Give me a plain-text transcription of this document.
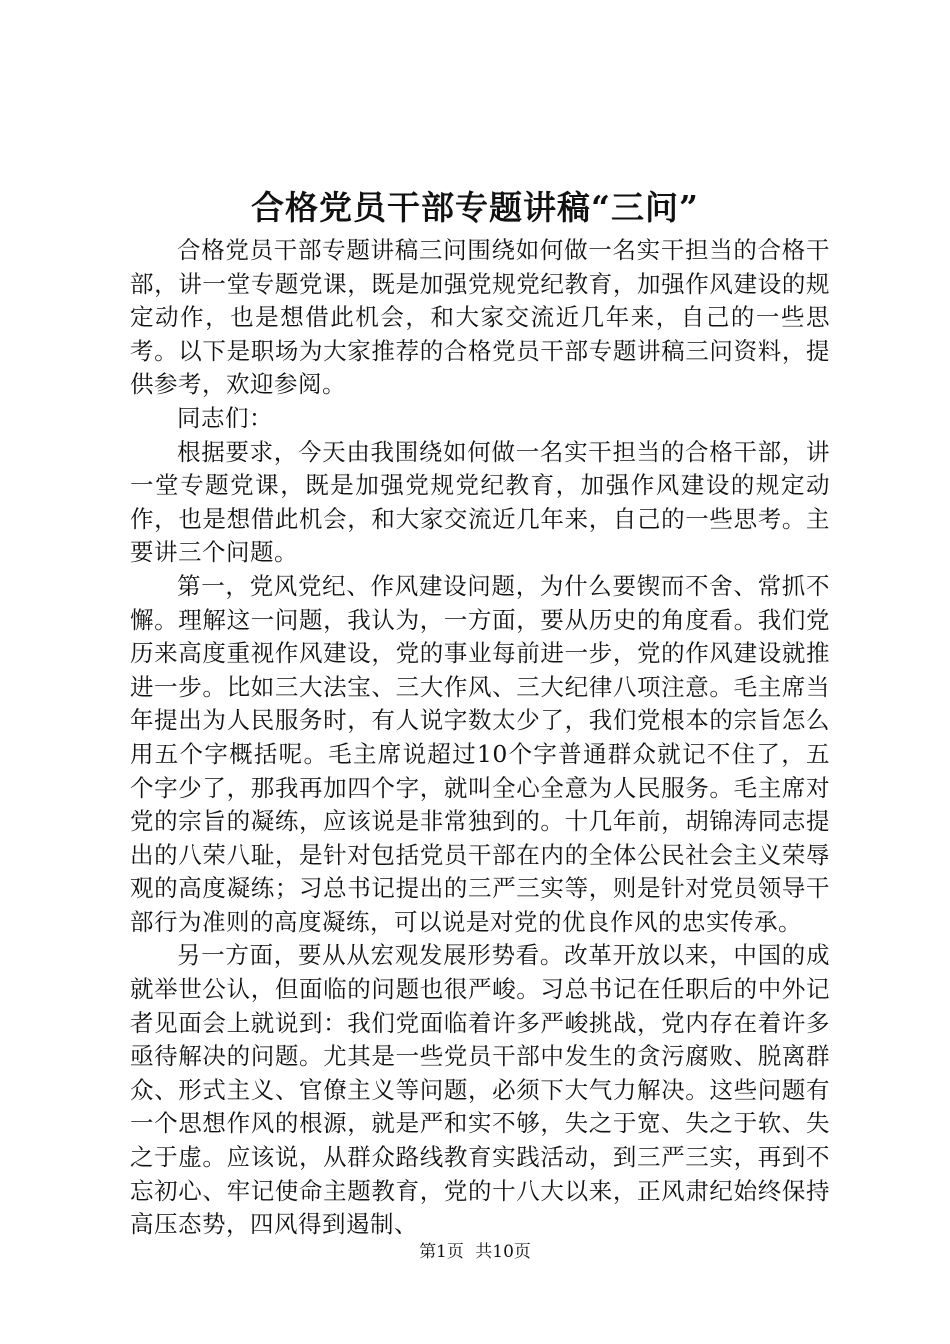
合格党员干部专题讲稿“三问”

合格党员干部专题讲稿三问围绕如何做一名实干担当的合格干部，讲一堂专题党课，既是加强党规党纪教育，加强作风建设的规定动作，也是想借此机会，和大家交流近几年来，自己的一些思考。以下是职场为大家推荐的合格党员干部专题讲稿三问资料，提供参考，欢迎参阅。

同志们：

根据要求，今天由我围绕如何做一名实干担当的合格干部，讲一堂专题党课，既是加强党规党纪教育，加强作风建设的规定动作，也是想借此机会，和大家交流近几年来，自己的一些思考。主要讲三个问题。

第一，党风党纪、作风建设问题，为什么要锲而不舍、常抓不懈。理解这一问题，我认为，一方面，要从历史的角度看。我们党历来高度重视作风建设，党的事业每前进一步，党的作风建设就推进一步。比如三大法宝、三大作风、三大纪律八项注意。毛主席当年提出为人民服务时，有人说字数太少了，我们党根本的宗旨怎么用五个字概括呢。毛主席说超过10个字普通群众就记不住了，五个字少了，那我再加四个字，就叫全心全意为人民服务。毛主席对党的宗旨的凝练，应该说是非常独到的。十几年前，胡锦涛同志提出的八荣八耻，是针对包括党员干部在内的全体公民社会主义荣辱观的高度凝练；习总书记提出的三严三实等，则是针对党员领导干部行为准则的高度凝练，可以说是对党的优良作风的忠实传承。

另一方面，要从从宏观发展形势看。改革开放以来，中国的成就举世公认，但面临的问题也很严峻。习总书记在任职后的中外记者见面会上就说到：我们党面临着许多严峻挑战，党内存在着许多亟待解决的问题。尤其是一些党员干部中发生的贪污腐败、脱离群众、形式主义、官僚主义等问题，必须下大气力解决。这些问题有一个思想作风的根源，就是严和实不够，失之于宽、失之于软、失之于虚。应该说，从群众路线教育实践活动，到三严三实，再到不忘初心、牢记使命主题教育，党的十八大以来，正风肃纪始终保持高压态势，四风得到遏制、

第1页 共10页
